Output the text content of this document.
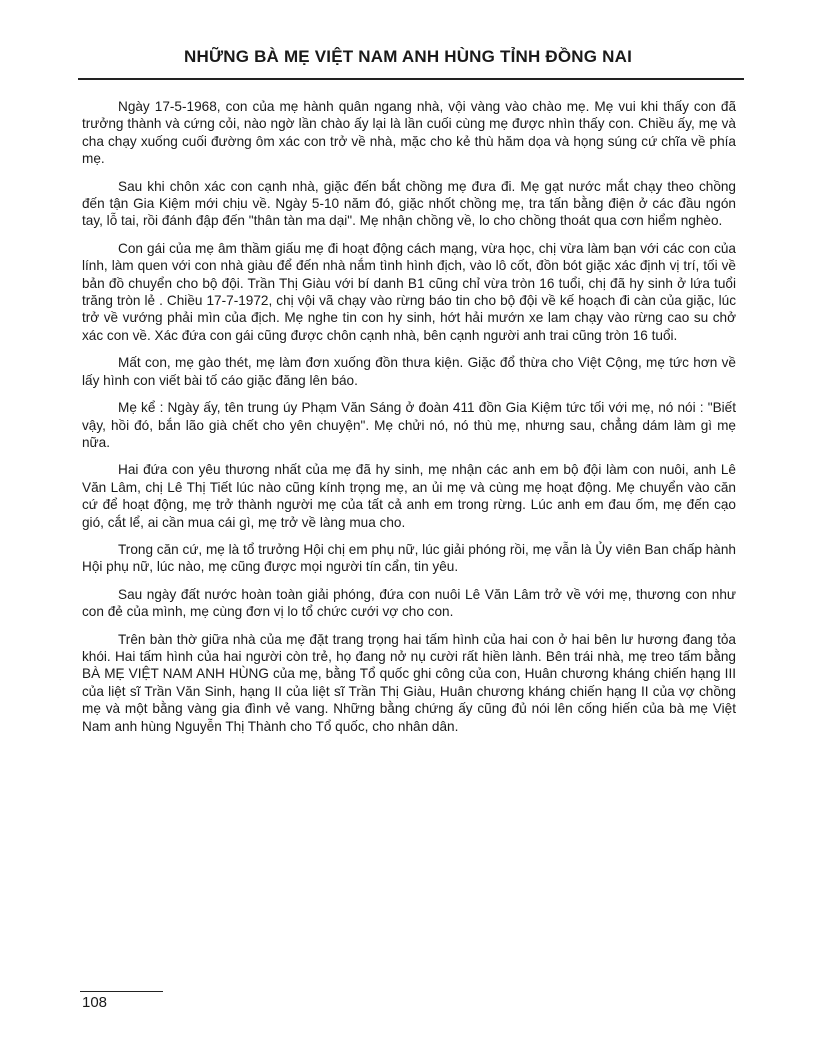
NHỮNG BÀ MẸ VIỆT NAM ANH HÙNG TỈNH ĐỒNG NAI

Ngày 17-5-1968, con của mẹ hành quân ngang nhà, vội vàng vào chào mẹ. Mẹ vui khi thấy con đã trưởng thành và cứng cỏi, nào ngờ lần chào ấy lại là lần cuối cùng mẹ được nhìn thấy con. Chiều ấy, mẹ và cha chạy xuống cuối đường ôm xác con trở về nhà, mặc cho kẻ thù hăm dọa và họng súng cứ chĩa về phía mẹ.

Sau khi chôn xác con cạnh nhà, giặc đến bắt chồng mẹ đưa đi. Mẹ gạt nước mắt chạy theo chồng đến tận Gia Kiệm mới chịu về. Ngày 5-10 năm đó, giặc nhốt chồng mẹ, tra tấn bằng điện ở các đầu ngón tay, lỗ tai, rồi đánh đập đến "thân tàn ma dại". Mẹ nhận chồng về, lo cho chồng thoát qua cơn hiểm nghèo.

Con gái của mẹ âm thầm giấu mẹ đi hoạt động cách mạng, vừa học, chị vừa làm bạn với các con của lính, làm quen với con nhà giàu để đến nhà nắm tình hình địch, vào lô cốt, đồn bót giặc xác định vị trí, tối về bản đồ chuyển cho bộ đội. Trần Thị Giàu với bí danh B1 cũng chỉ vừa tròn 16 tuổi, chị đã hy sinh ở lứa tuổi trăng tròn lẻ . Chiều 17-7-1972, chị vội vã chạy vào rừng báo tin cho bộ đội về kế hoạch đi càn của giặc, lúc trở về vướng phải mìn của địch. Mẹ nghe tin con hy sinh, hớt hải mướn xe lam chạy vào rừng cao su chở xác con về. Xác đứa con gái cũng được chôn cạnh nhà, bên cạnh người anh trai cũng tròn 16 tuổi.

Mất con, mẹ gào thét, mẹ làm đơn xuống đồn thưa kiện. Giặc đổ thừa cho Việt Cộng, mẹ tức hơn về lấy hình con viết bài tố cáo giặc đăng lên báo.

Mẹ kể : Ngày ấy, tên trung úy Phạm Văn Sáng ở đoàn 411 đồn Gia Kiệm tức tối với mẹ, nó nói : "Biết vậy, hồi đó, bắn lão già chết cho yên chuyện". Mẹ chửi nó, nó thù mẹ, nhưng sau, chẳng dám làm gì mẹ nữa.

Hai đứa con yêu thương nhất của mẹ đã hy sinh, mẹ nhận các anh em bộ đội làm con nuôi, anh Lê Văn Lâm, chị Lê Thị Tiết lúc nào cũng kính trọng mẹ, an ủi mẹ và cùng mẹ hoạt động. Mẹ chuyển vào căn cứ để hoạt động, mẹ trở thành người mẹ của tất cả anh em trong rừng. Lúc anh em đau ốm, mẹ đến cạo gió, cắt lể, ai cần mua cái gì, mẹ trở về làng mua cho.

Trong căn cứ, mẹ là tổ trưởng Hội chị em phụ nữ, lúc giải phóng rồi, mẹ vẫn là Ủy viên Ban chấp hành Hội phụ nữ, lúc nào, mẹ cũng được mọi người tín cẩn, tin yêu.

Sau ngày đất nước hoàn toàn giải phóng, đứa con nuôi Lê Văn Lâm trở về với mẹ, thương con như con đẻ của mình, mẹ cùng đơn vị lo tổ chức cưới vợ cho con.

Trên bàn thờ giữa nhà của mẹ đặt trang trọng hai tấm hình của hai con ở hai bên lư hương đang tỏa khói. Hai tấm hình của hai người còn trẻ, họ đang nở nụ cười rất hiền lành. Bên trái nhà, mẹ treo tấm bằng BÀ MẸ VIỆT NAM ANH HÙNG của mẹ, bằng Tổ quốc ghi công của con, Huân chương kháng chiến hạng III của liệt sĩ Trần Văn Sinh, hạng II của liệt sĩ Trần Thị Giàu, Huân chương kháng chiến hạng II của vợ chồng mẹ và một bằng vàng gia đình vẻ vang. Những bằng chứng ấy cũng đủ nói lên cống hiến của bà mẹ Việt Nam anh hùng Nguyễn Thị Thành cho Tổ quốc, cho nhân dân.

108
